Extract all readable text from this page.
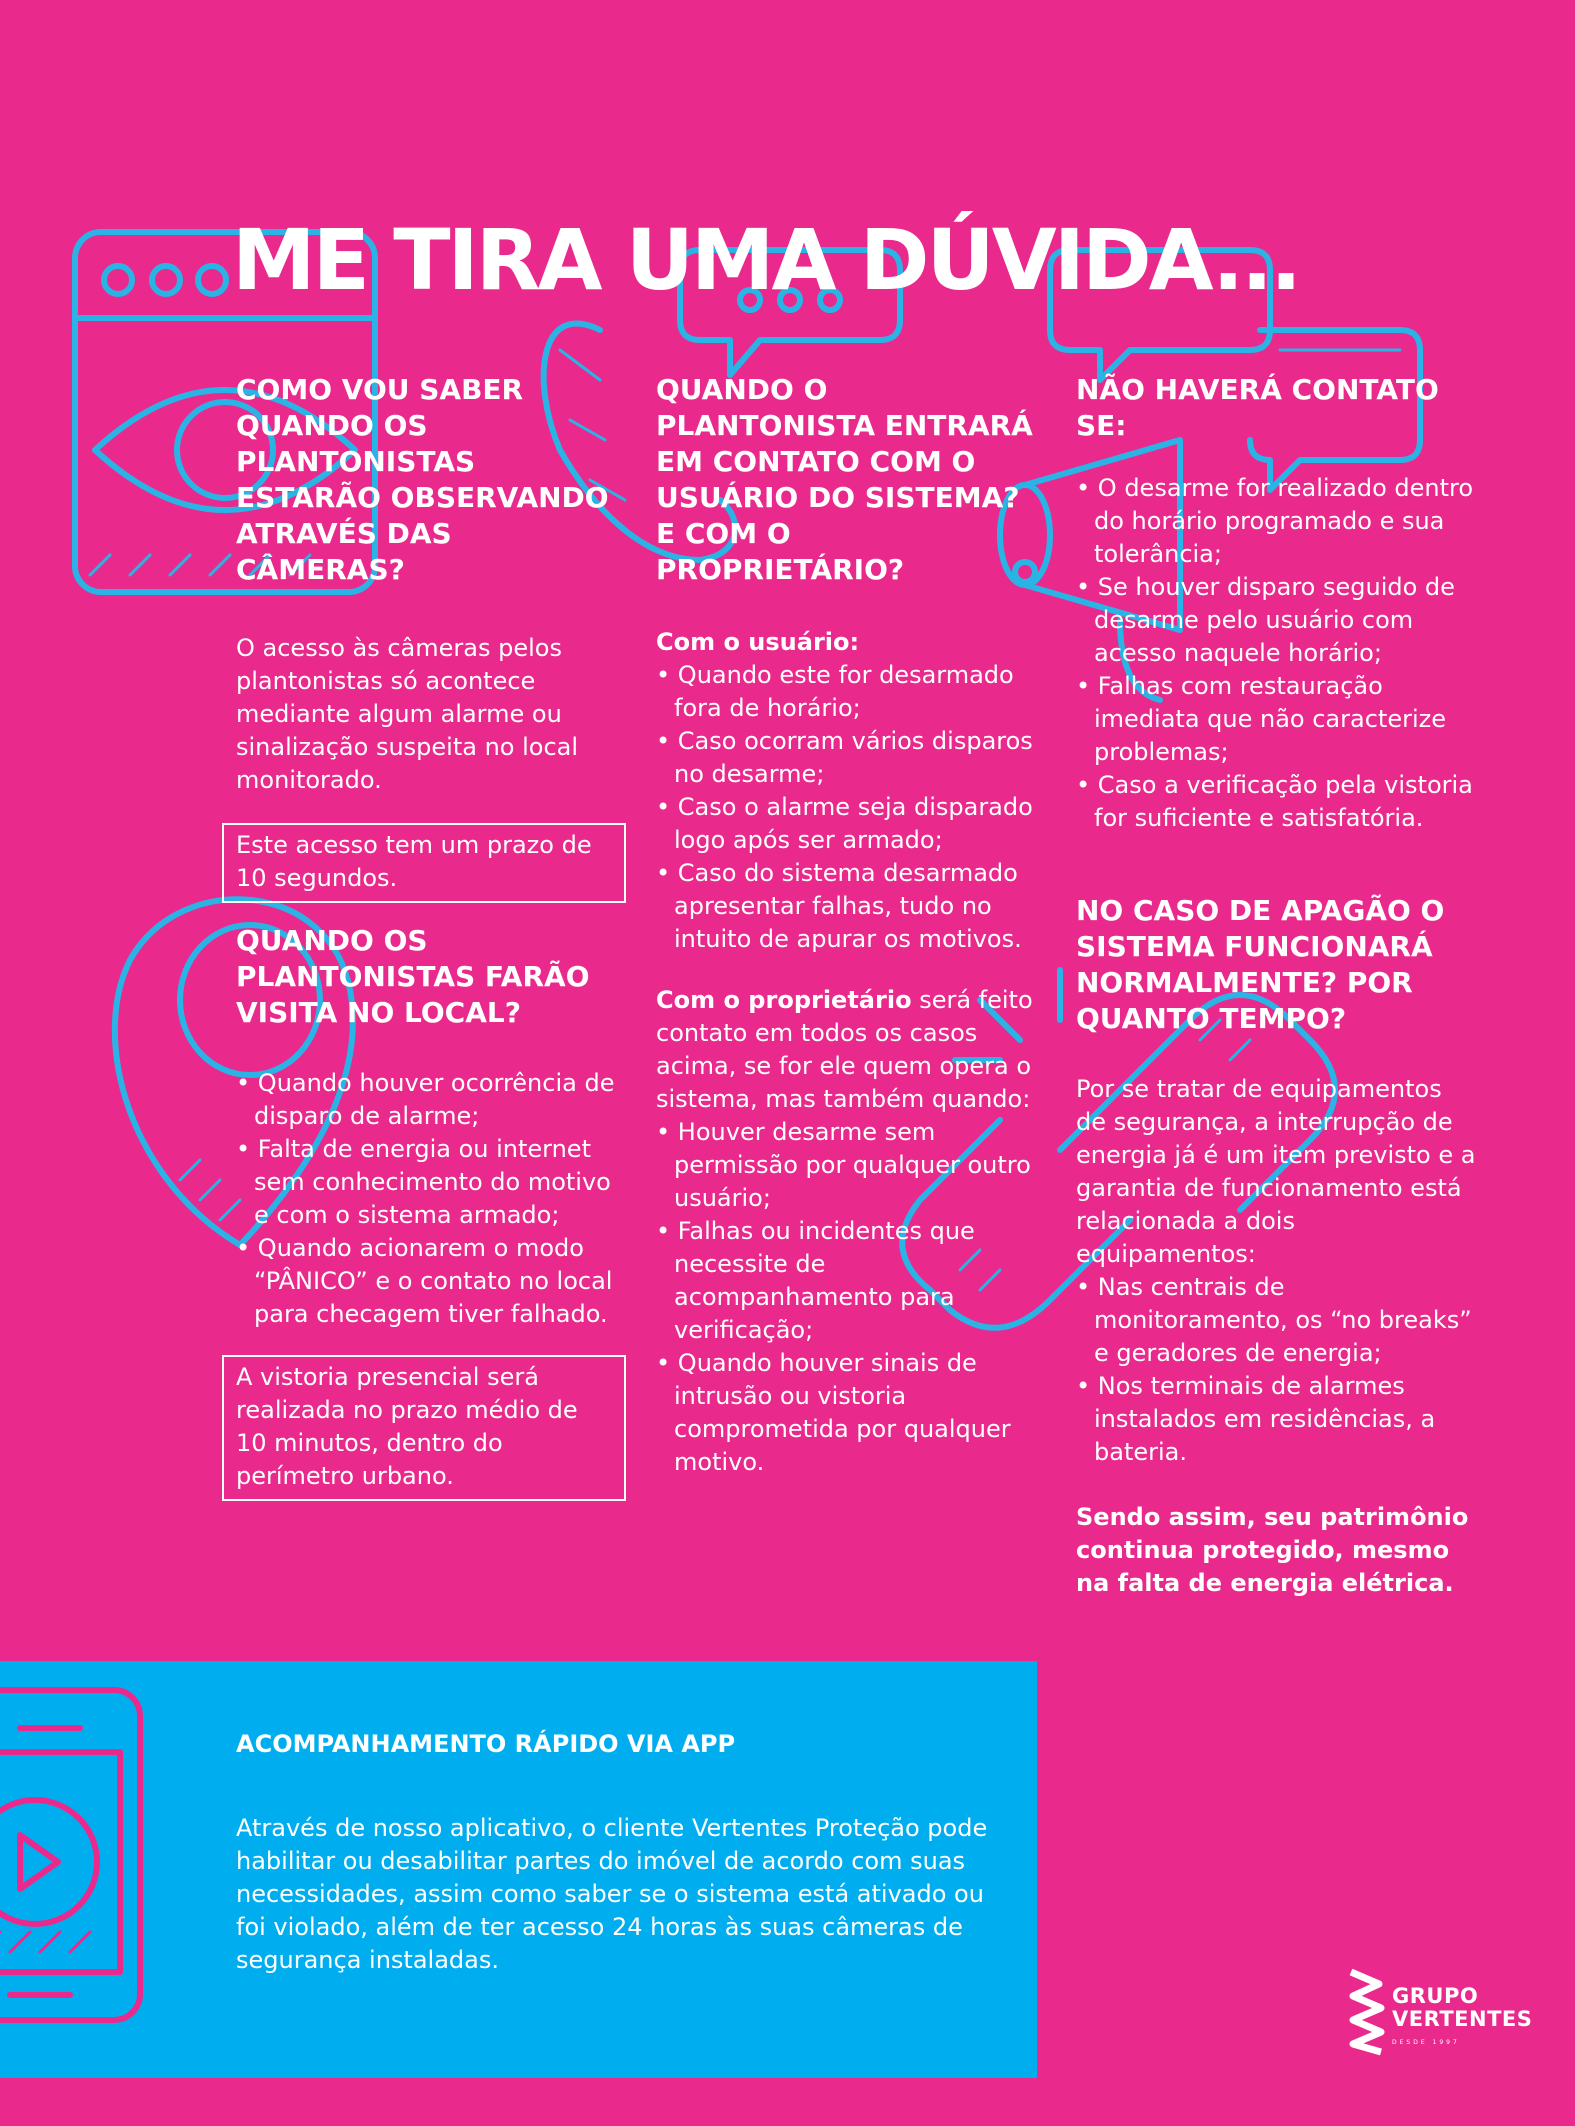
ME TIRA UMA DÚVIDA...
COMO VOU SABER QUANDO OS PLANTONISTAS ESTARÃO OBSERVANDO ATRAVÉS DAS CÂMERAS?

O acesso às câmeras pelos plantonistas só acontece mediante algum alarme ou sinalização suspeita no local monitorado.

Este acesso tem um prazo de 10 segundos.
QUANDO OS PLANTONISTAS FARÃO VISITA NO LOCAL?
• Quando houver ocorrência de disparo de alarme;
• Falta de energia ou internet sem conhecimento do motivo e com o sistema armado;
• Quando acionarem o modo “PÂNICO” e o contato no local para checagem tiver falhado.
A vistoria presencial será realizada no prazo médio de 10 minutos, dentro do perímetro urbano.
QUANDO O PLANTONISTA ENTRARÁ EM CONTATO COM O USUÁRIO DO SISTEMA? E COM O PROPRIETÁRIO?
Com o usuário:
• Quando este for desarmado fora de horário;
• Caso ocorram vários disparos no desarme;
• Caso o alarme seja disparado logo após ser armado;
• Caso do sistema desarmado apresentar falhas, tudo no intuito de apurar os motivos.

Com o proprietário será feito contato em todos os casos acima, se for ele quem opera o sistema, mas também quando:

• Houver desarme sem permissão por qualquer outro usuário;
• Falhas ou incidentes que necessite de acompanhamento para verificação;
• Quando houver sinais de intrusão ou vistoria comprometida por qualquer motivo.
NÃO HAVERÁ CONTATO SE:
• O desarme for realizado dentro do horário programado e sua tolerância;
• Se houver disparo seguido de desarme pelo usuário com acesso naquele horário;
• Falhas com restauração imediata que não caracterize problemas;
• Caso a verificação pela vistoria for suficiente e satisfatória.
NO CASO DE APAGÃO O SISTEMA FUNCIONARÁ NORMALMENTE? POR QUANTO TEMPO?

Por se tratar de equipamentos de segurança, a interrupção de energia já é um item previsto e a garantia de funcionamento está relacionada a dois equipamentos:

• Nas centrais de monitoramento, os “no breaks” e geradores de energia;
• Nos terminais de alarmes instalados em residências, a bateria.

Sendo assim, seu patrimônio continua protegido, mesmo na falta de energia elétrica.

ACOMPANHAMENTO RÁPIDO VIA APP

Através de nosso aplicativo, o cliente Vertentes Proteção pode habilitar ou desabilitar partes do imóvel de acordo com suas necessidades, assim como saber se o sistema está ativado ou foi violado, além de ter acesso 24 horas às suas câmeras de segurança instaladas.

GRUPO
VERTENTES
DESDE 1997
